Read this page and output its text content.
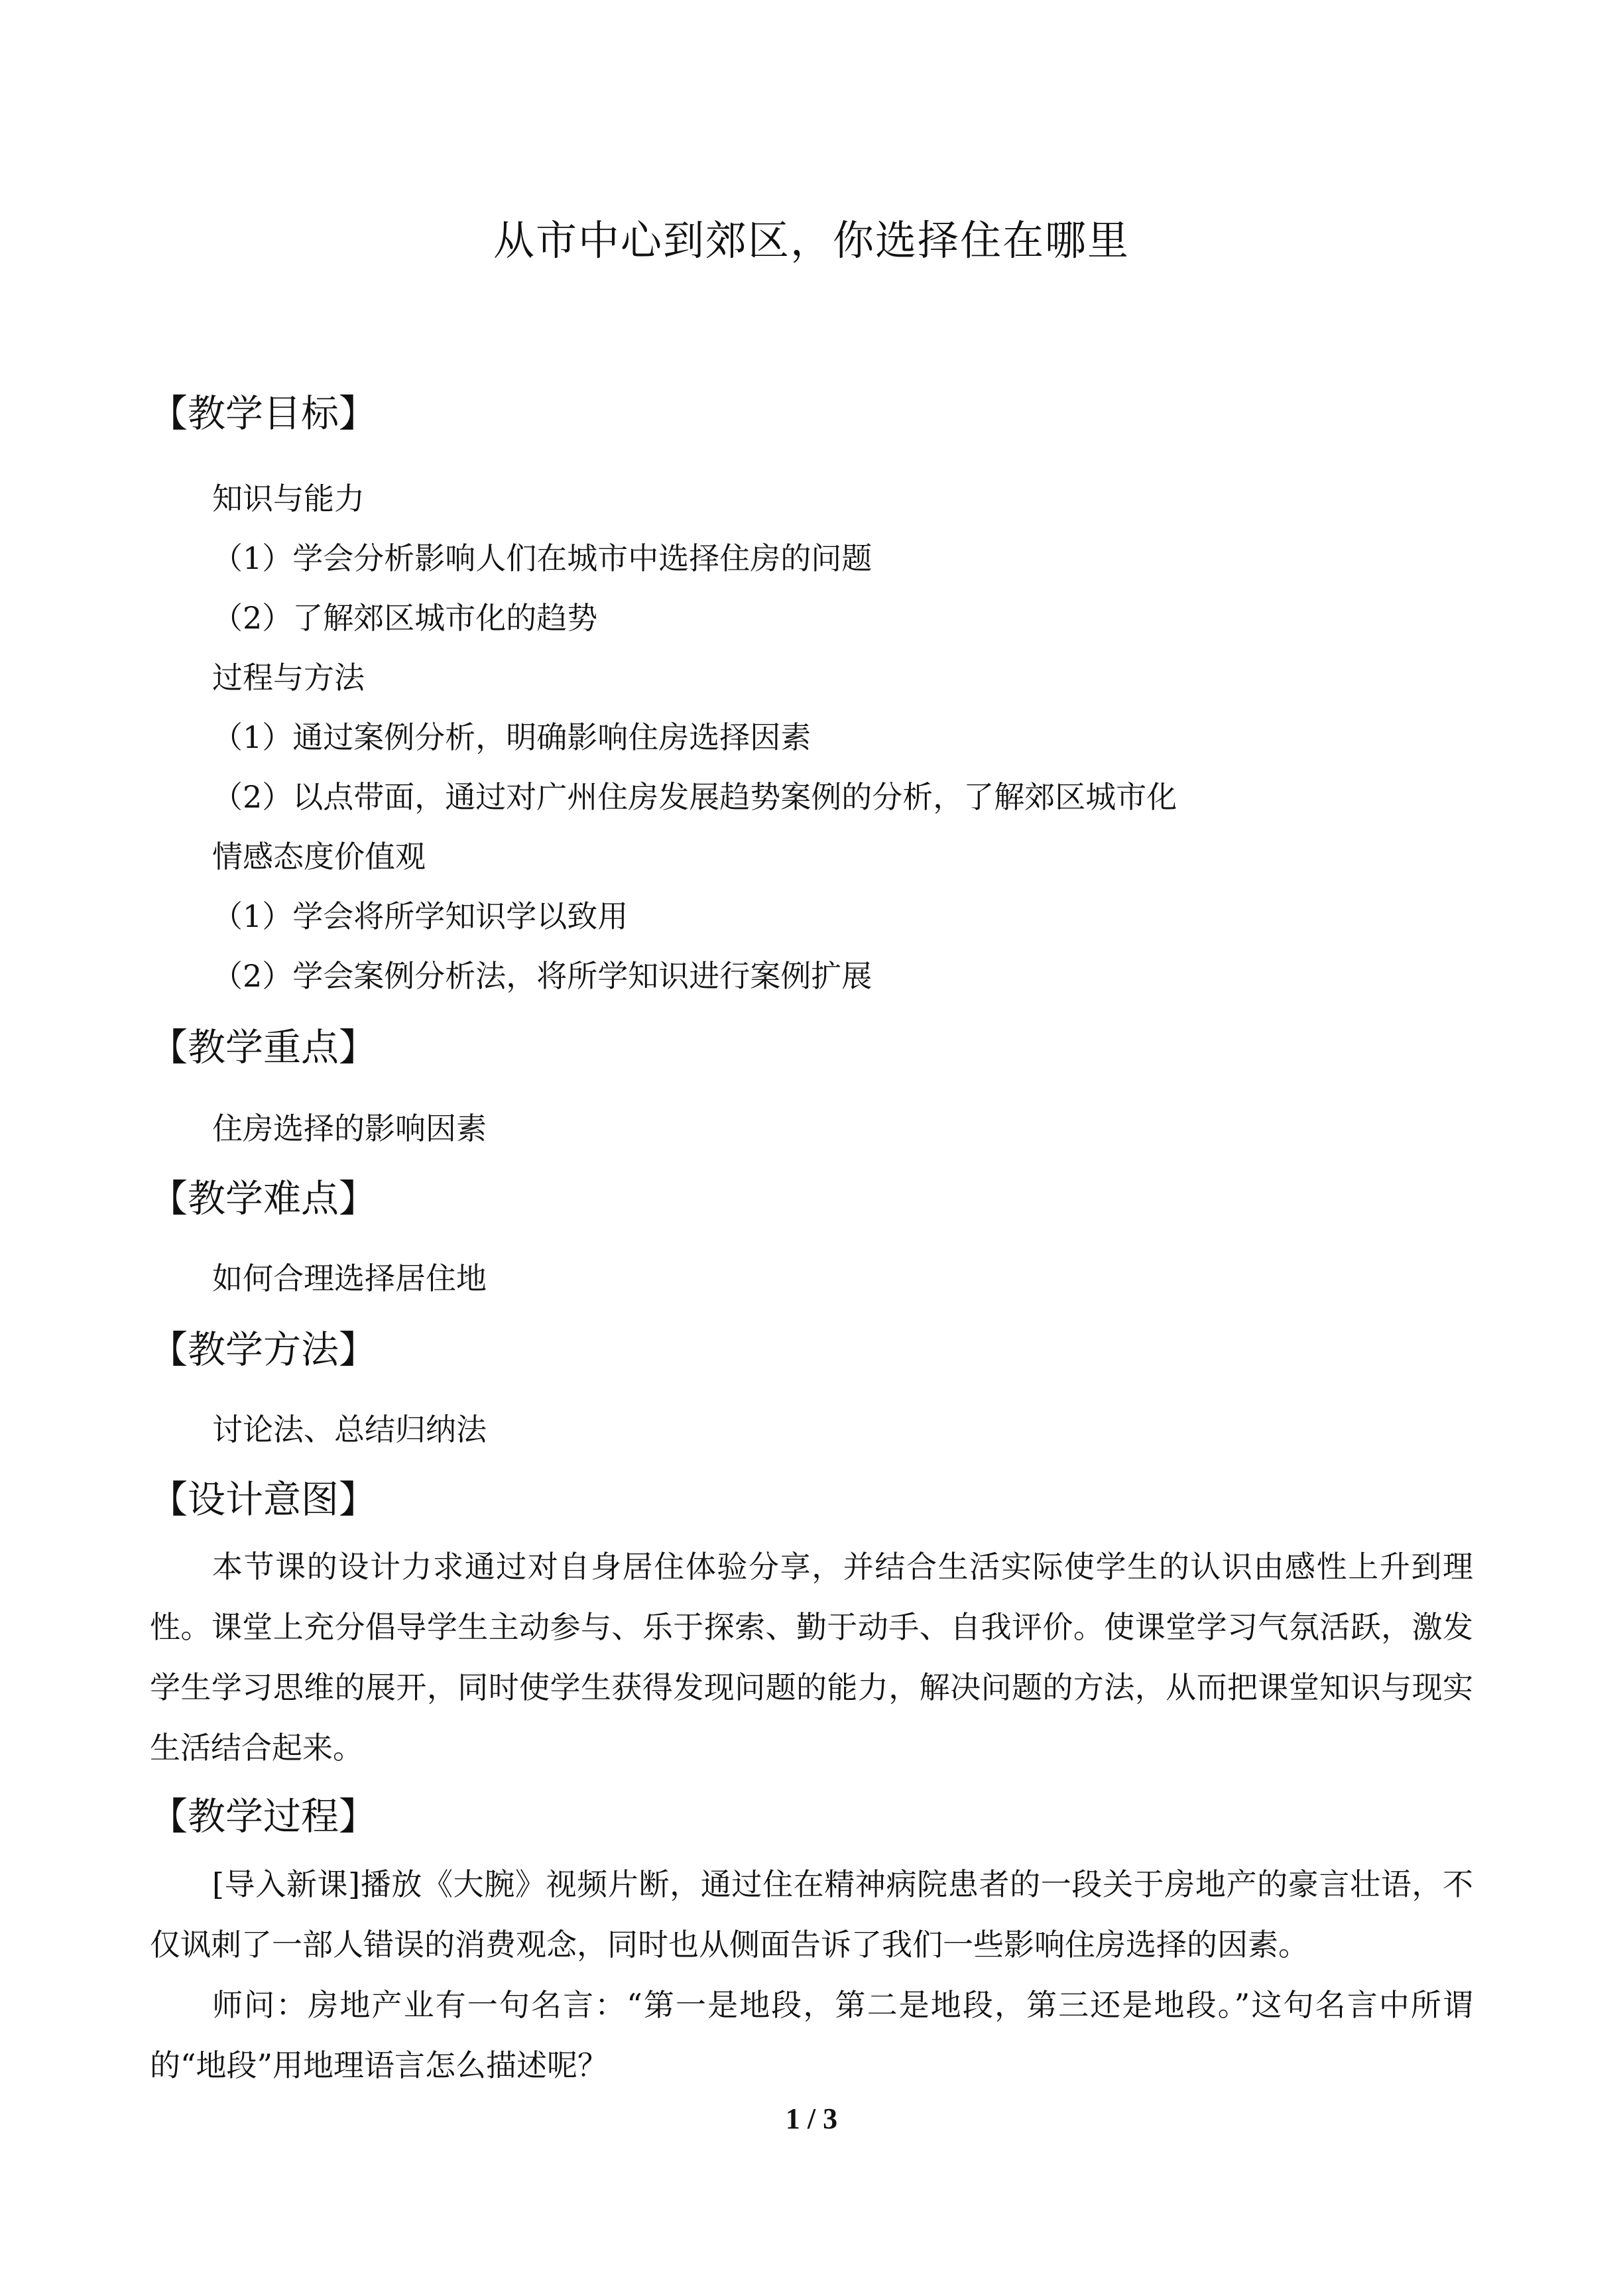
从市中心到郊区，你选择住在哪里
【教学目标】
知识与能力
（1）学会分析影响人们在城市中选择住房的问题
（2）了解郊区城市化的趋势
过程与方法
（1）通过案例分析，明确影响住房选择因素
（2）以点带面，通过对广州住房发展趋势案例的分析，了解郊区城市化
情感态度价值观
（1）学会将所学知识学以致用
（2）学会案例分析法，将所学知识进行案例扩展
【教学重点】
住房选择的影响因素
【教学难点】
如何合理选择居住地
【教学方法】
讨论法、总结归纳法
【设计意图】
本节课的设计力求通过对自身居住体验分享，并结合生活实际使学生的认识由感性上升到理性。课堂上充分倡导学生主动参与、乐于探索、勤于动手、自我评价。使课堂学习气氛活跃，激发学生学习思维的展开，同时使学生获得发现问题的能力，解决问题的方法，从而把课堂知识与现实生活结合起来。
【教学过程】
[导入新课]播放《大腕》视频片断，通过住在精神病院患者的一段关于房地产的豪言壮语，不仅讽刺了一部人错误的消费观念，同时也从侧面告诉了我们一些影响住房选择的因素。
师问：房地产业有一句名言：“第一是地段，第二是地段，第三还是地段。”这句名言中所谓的“地段”用地理语言怎么描述呢？
1 / 3
